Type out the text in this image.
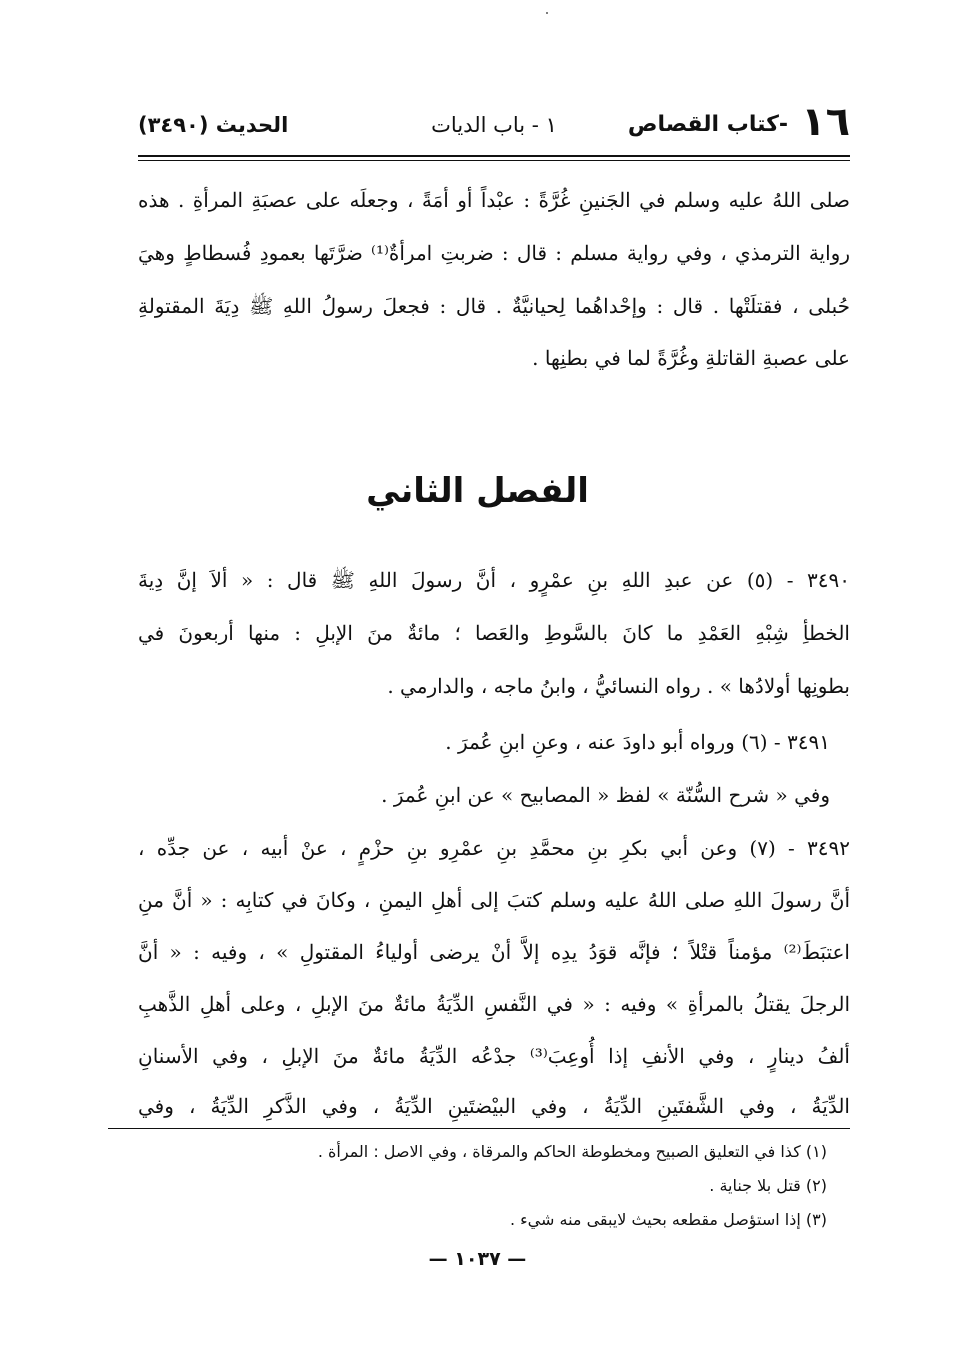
١٦
-كتاب القصاص
١ - باب الديات
الحديث (٣٤٩٠)
صلى اللهُ عليه وسلم في الجَنينِ غُرَّةً : عبْداً أو أمَةً ، وجعلَه على عصبَةِ المرأةِ . هذه
رواية الترمذي ، وفي رواية مسلم : قال : ضربتِ امرأةٌ⁽¹⁾ ضرَّتَها بعمودِ فُسطاطٍ وهيَ
حُبلى ، فقتلَتْها . قال : وإحْداهُما لِحيانيَّةٌ . قال : فجعلَ رسولُ اللهِ ﷺ دِيَةَ المقتولةِ
على عصبةِ القاتلةِ وغُرَّةً لما في بطنِها .
الفصل الثاني
٣٤٩٠ - (٥) عن عبدِ اللهِ بنِ عمْرٍو ، أنَّ رسولَ اللهِ ﷺ قال : « ألاَ إنَّ دِيةَ
الخطأِ شِبْهِ العَمْدِ ما كانَ بالسَّوطِ والعَصا ؛ مائةٌ منَ الإبلِ : منها أربعونَ في
بطونِها أولادُها » . رواه النسائيُّ ، وابنُ ماجه ، والدارمي .
٣٤٩١ - (٦) ورواه أبو داودَ عنه ، وعنِ ابنِ عُمرَ .
وفي « شرح السُّنّة » لفظ « المصابيح » عن ابنِ عُمرَ .
٣٤٩٢ - (٧) وعن أبي بكرِ بنِ محمَّدِ بنِ عمْرِو بنِ حزْمٍ ، عنْ أبيه ، عن جدِّه ،
أنَّ رسولَ اللهِ صلى اللهُ عليه وسلم كتبَ إلى أهلِ اليمنِ ، وكانَ في كتابِه : « أنَّ منِ
اعتبَطَ⁽²⁾ مؤمناً قتْلاً ؛ فإنَّه قوَدُ يدِه إلاَّ أنْ يرضى أولياءُ المقتولِ » ، وفيه : « أنَّ
الرجلَ يقتلُ بالمرأةِ » وفيه : « في النَّفسِ الدِّيَةُ مائةٌ منَ الإبلِ ، وعلى أهلِ الذَّهبِ
ألفُ دينارٍ ، وفي الأنفِ إذا أُوعِبَ⁽³⁾ جدْعُه الدِّيَةُ مائةٌ منَ الإبلِ ، وفي الأسنانِ
الدِّيَةُ ، وفي الشَّفتَينِ الدِّيَةُ ، وفي البيْضتَينِ الدِّيَةُ ، وفي الذَّكرِ الدِّيَةُ ، وفي
(١) كذا في التعليق الصبيح ومخطوطة الحاكم والمرقاة ، وفي الاصل : المرأة .
(٢) قتل بلا جناية .
(٣) إذا استؤصل مقطعه بحيث لايبقى منه شيء .
— ١٠٣٧ —
